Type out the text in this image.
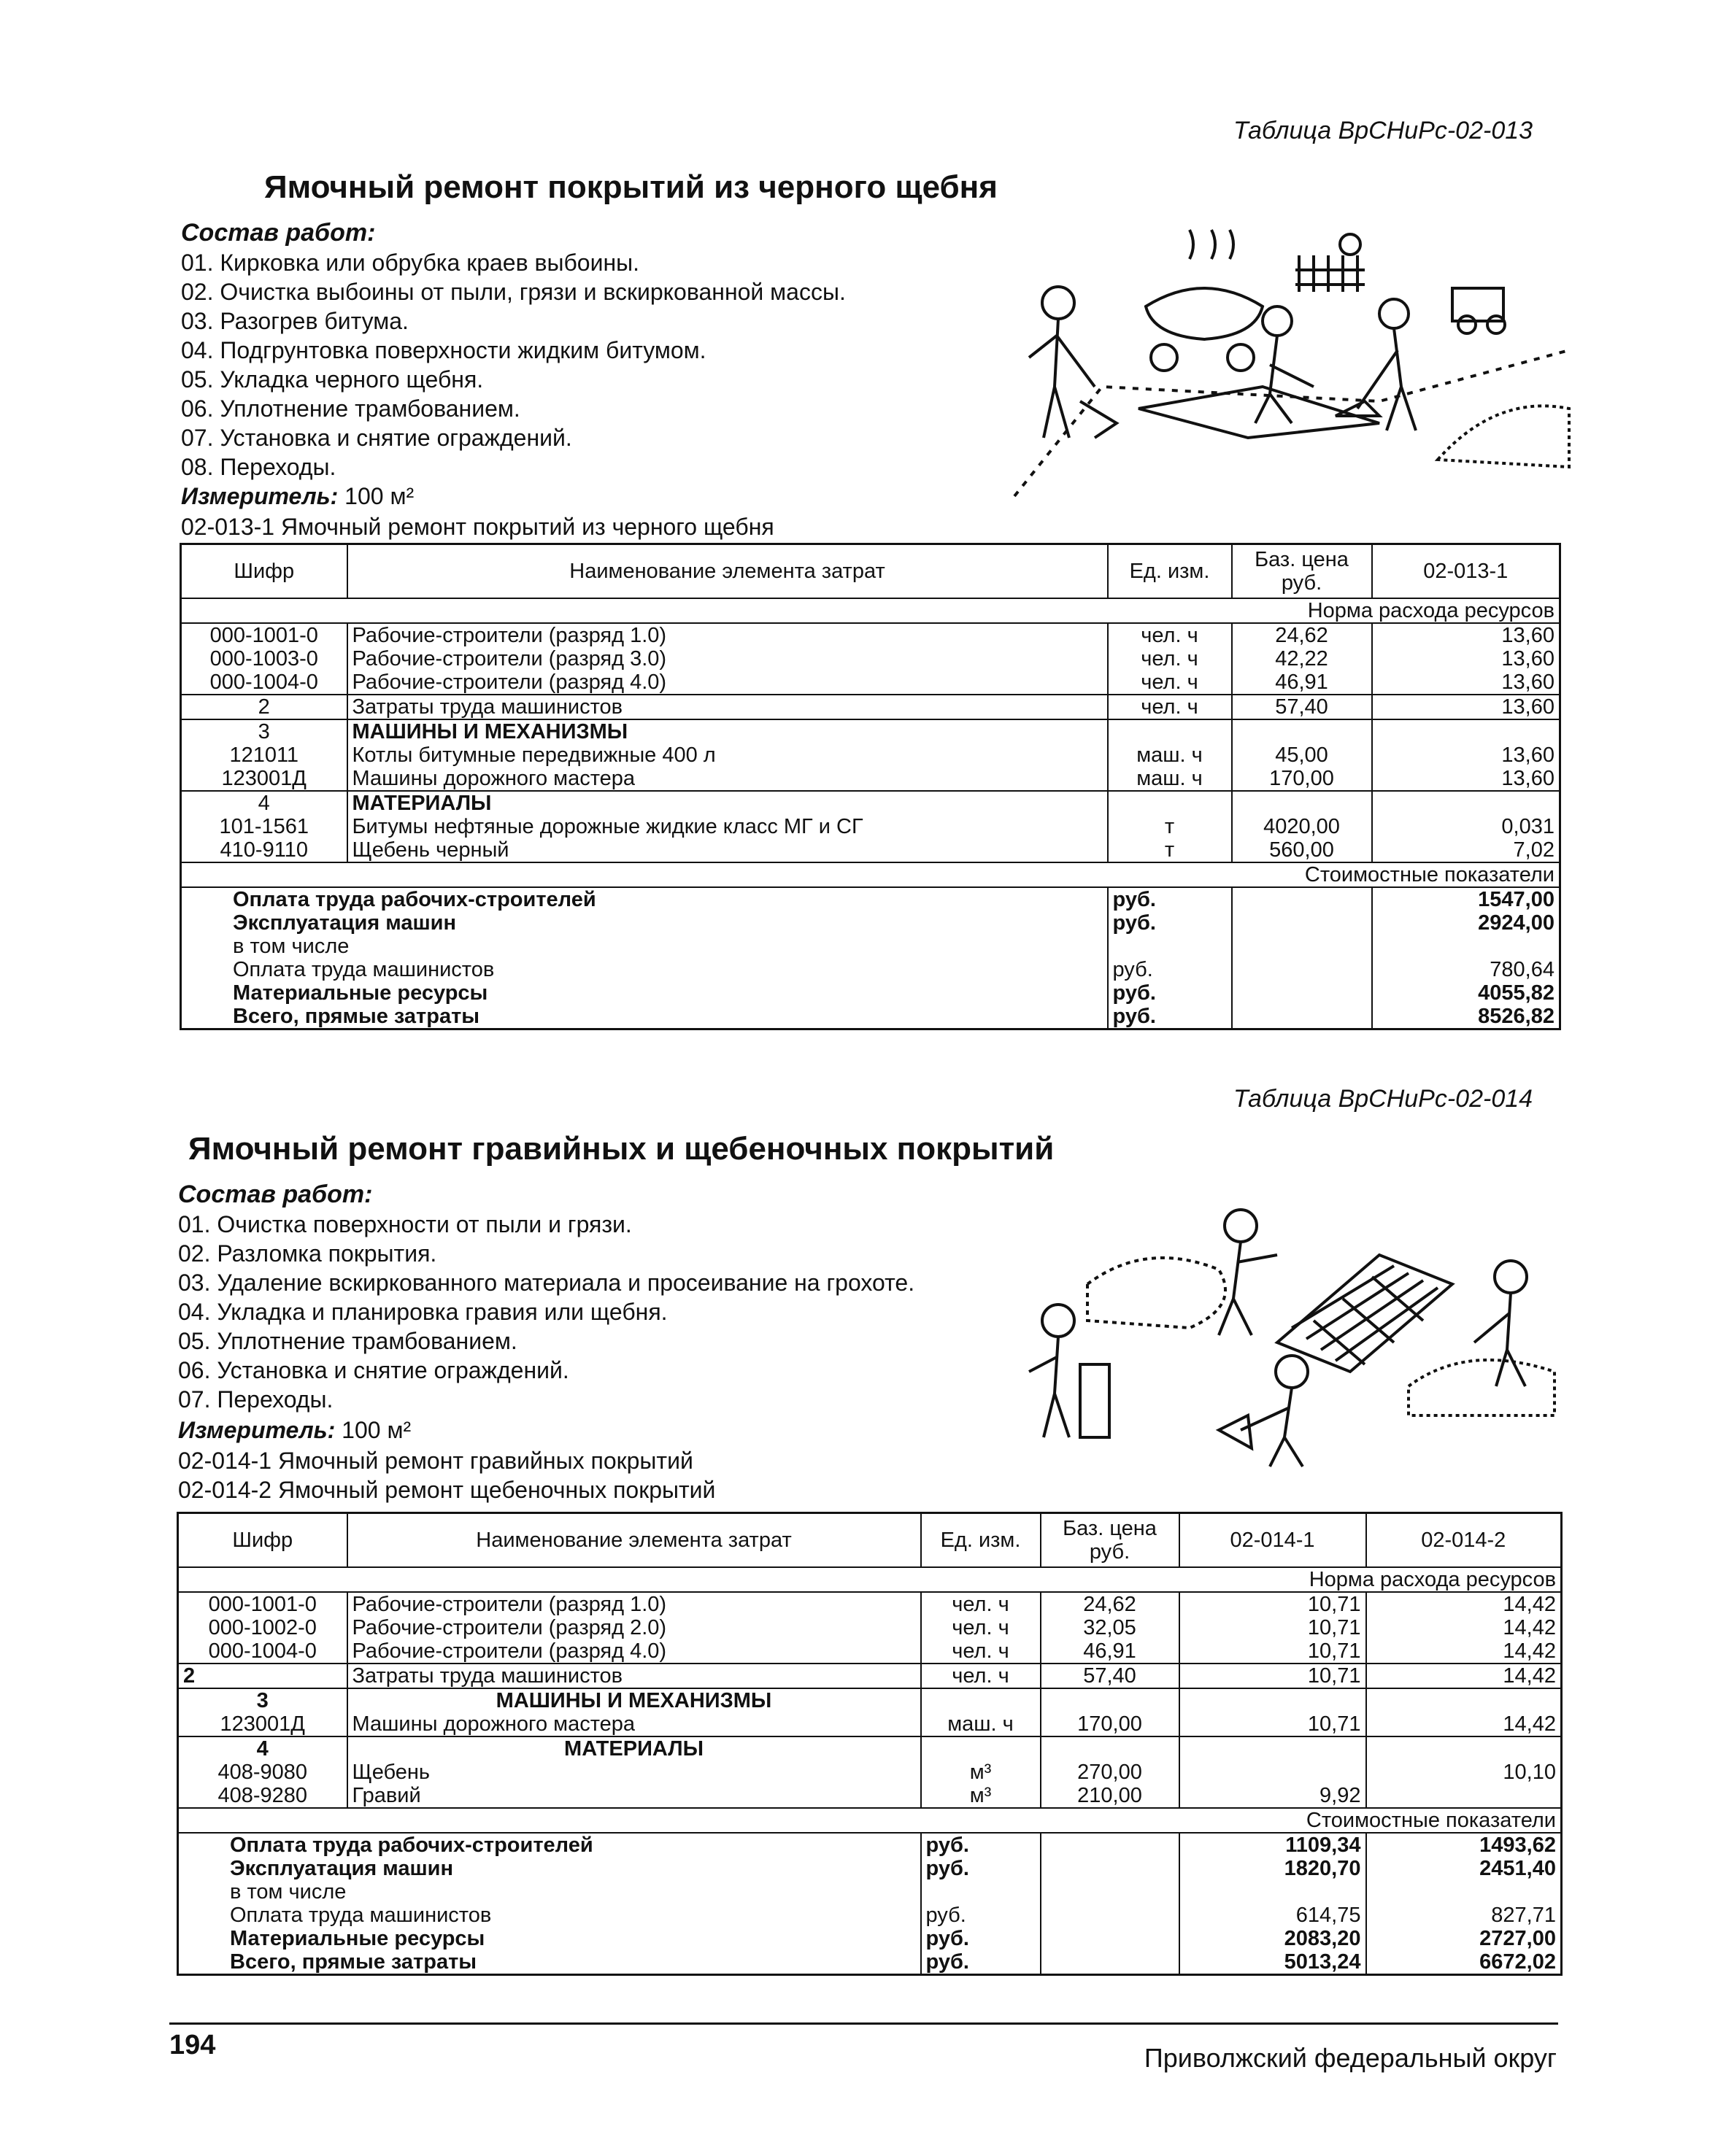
Таблица ВрСНиРс-02-013
Ямочный ремонт покрытий из черного щебня
Состав работ:
01. Кирковка или обрубка краев выбоины.
02. Очистка выбоины от пыли, грязи и вскиркованной массы.
03. Разогрев битума.
04. Подгрунтовка поверхности жидким битумом.
05. Укладка черного щебня.
06. Уплотнение трамбованием.
07. Установка и снятие ограждений.
08. Переходы.
Измеритель: 100 м²
02-013-1 Ямочный ремонт покрытий из черного щебня
Шифр	Наименование элемента затрат	Ед. изм.	Баз. цена руб.	02-013-1
Норма расхода ресурсов				
000-1001-0	Рабочие-строители (разряд 1.0)	чел. ч	24,62	13,60
000-1003-0	Рабочие-строители (разряд 3.0)	чел. ч	42,22	13,60
000-1004-0	Рабочие-строители (разряд 4.0)	чел. ч	46,91	13,60
2	Затраты труда машинистов	чел. ч	57,40	13,60
3	МАШИНЫ И МЕХАНИЗМЫ			
121011	Котлы битумные передвижные 400 л	маш. ч	45,00	13,60
123001Д	Машины дорожного мастера	маш. ч	170,00	13,60
4	МАТЕРИАЛЫ			
101-1561	Битумы нефтяные дорожные жидкие класс МГ и СГ	т	4020,00	0,031
410-9110	Щебень черный	т	560,00	7,02
Стоимостные показатели				
Оплата труда рабочих-строителей		руб.		1547,00
Эксплуатация машин		руб.		2924,00
в том числе				
Оплата труда машинистов		руб.		780,64
Материальные ресурсы		руб.		4055,82
Всего, прямые затраты		руб.		8526,82
Таблица ВрСНиРс-02-014
Ямочный ремонт гравийных и щебеночных покрытий
Состав работ:
01. Очистка поверхности от пыли и грязи.
02. Разломка покрытия.
03. Удаление вскиркованного материала и просеивание на грохоте.
04. Укладка и планировка гравия или щебня.
05. Уплотнение трамбованием.
06. Установка и снятие ограждений.
07. Переходы.
Измеритель: 100 м²
02-014-1 Ямочный ремонт гравийных покрытий
02-014-2 Ямочный ремонт щебеночных покрытий
Шифр	Наименование элемента затрат	Ед. изм.	Баз. цена руб.	02-014-1	02-014-2
Норма расхода ресурсов					
000-1001-0	Рабочие-строители (разряд 1.0)	чел. ч	24,62	10,71	14,42
000-1002-0	Рабочие-строители (разряд 2.0)	чел. ч	32,05	10,71	14,42
000-1004-0	Рабочие-строители (разряд 4.0)	чел. ч	46,91	10,71	14,42
2	Затраты труда машинистов	чел. ч	57,40	10,71	14,42
3	МАШИНЫ И МЕХАНИЗМЫ				
123001Д	Машины дорожного мастера	маш. ч	170,00	10,71	14,42
4	МАТЕРИАЛЫ				
408-9080	Щебень	м³	270,00		10,10
408-9280	Гравий	м³	210,00	9,92	
Стоимостные показатели					
Оплата труда рабочих-строителей		руб.		1109,34	1493,62
Эксплуатация машин		руб.		1820,70	2451,40
в том числе					
Оплата труда машинистов		руб.		614,75	827,71
Материальные ресурсы		руб.		2083,20	2727,00
Всего, прямые затраты		руб.		5013,24	6672,02
194	Приволжский федеральный округ
